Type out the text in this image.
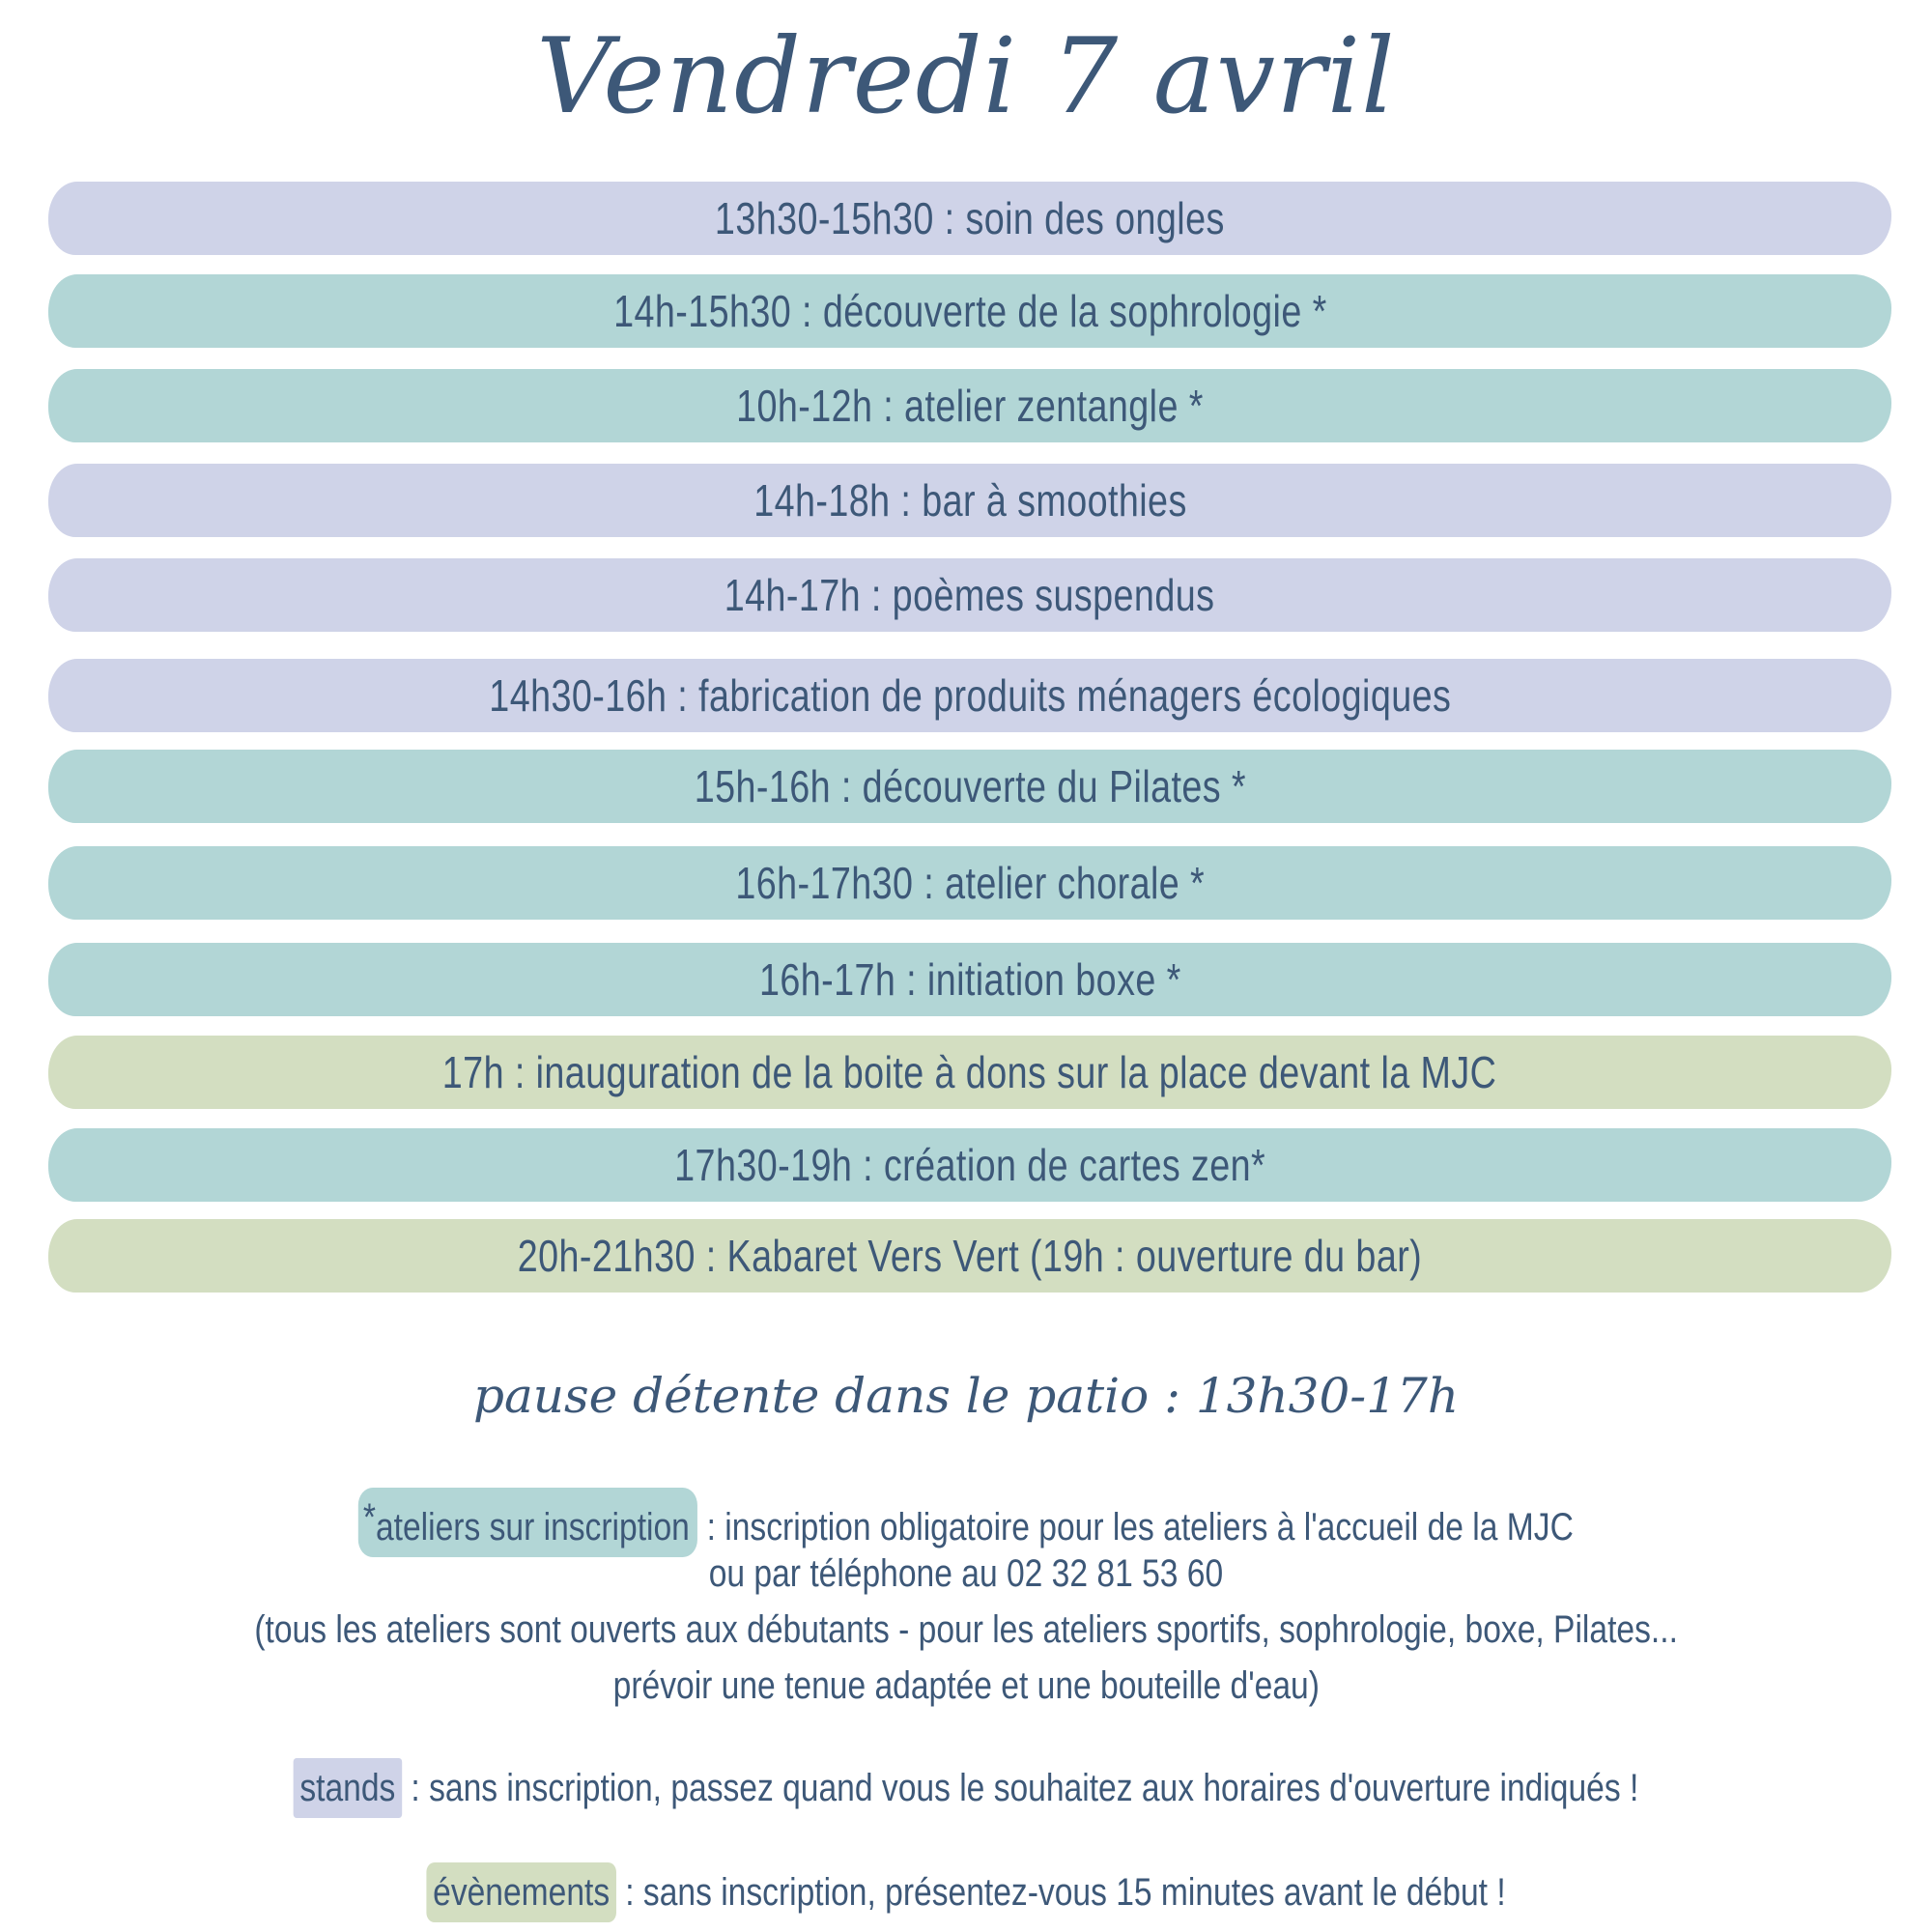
Vendredi 7 avril
13h30-15h30 : soin des ongles
14h-15h30 : découverte de la sophrologie *
10h-12h : atelier zentangle *
14h-18h : bar à smoothies
14h-17h : poèmes suspendus
14h30-16h : fabrication de produits ménagers écologiques
15h-16h : découverte du Pilates *
16h-17h30 : atelier chorale *
16h-17h : initiation boxe *
17h : inauguration de la boite à dons sur la place devant la MJC
17h30-19h : création de cartes zen*
20h-21h30 : Kabaret Vers Vert (19h : ouverture du bar)
pause détente dans le patio : 13h30-17h
*ateliers sur inscription : inscription obligatoire pour les ateliers à l'accueil de la MJC
ou par téléphone au 02 32 81 53 60
(tous les ateliers sont ouverts aux débutants - pour les ateliers sportifs, sophrologie, boxe, Pilates...
prévoir une tenue adaptée et une bouteille d'eau)
stands : sans inscription, passez quand vous le souhaitez aux horaires d'ouverture indiqués !
évènements : sans inscription, présentez-vous 15 minutes avant le début !
